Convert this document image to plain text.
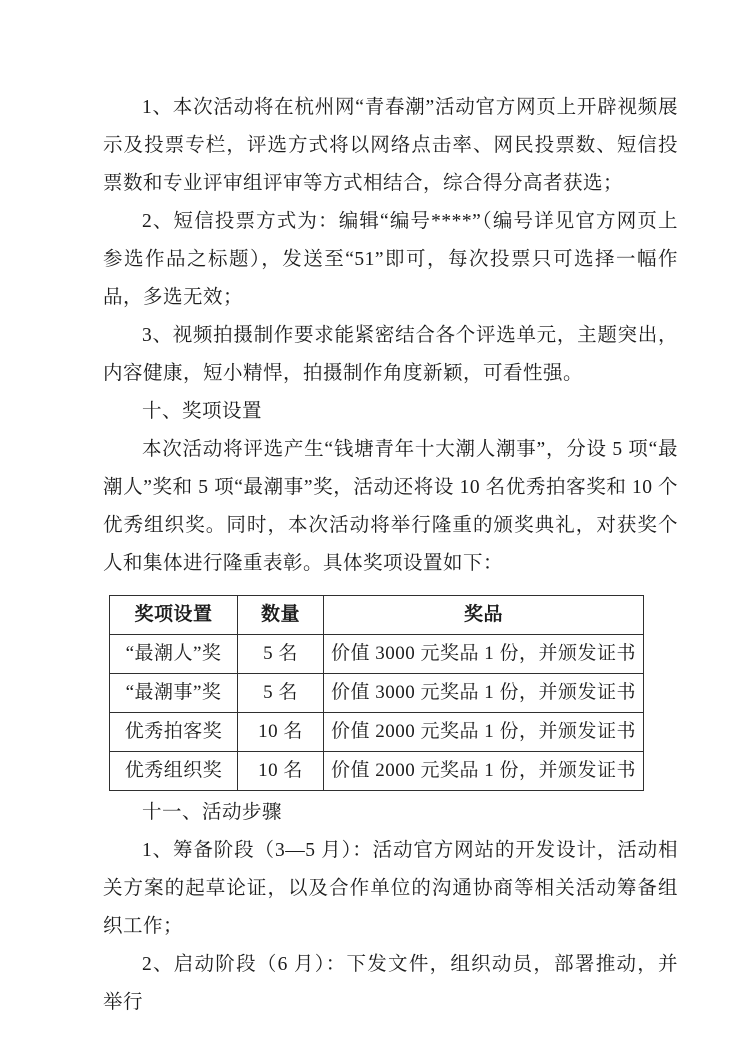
1、本次活动将在杭州网“青春潮”活动官方网页上开辟视频展示及投票专栏，评选方式将以网络点击率、网民投票数、短信投票数和专业评审组评审等方式相结合，综合得分高者获选；

2、短信投票方式为：编辑“编号****”（编号详见官方网页上参选作品之标题），发送至“51”即可，每次投票只可选择一幅作品，多选无效；

3、视频拍摄制作要求能紧密结合各个评选单元，主题突出，内容健康，短小精悍，拍摄制作角度新颖，可看性强。

十、奖项设置

本次活动将评选产生“钱塘青年十大潮人潮事”，分设 5 项“最潮人”奖和 5 项“最潮事”奖，活动还将设 10 名优秀拍客奖和 10 个优秀组织奖。同时，本次活动将举行隆重的颁奖典礼，对获奖个人和集体进行隆重表彰。具体奖项设置如下：

奖项设置	数量	奖品
“最潮人”奖	5 名	价值 3000 元奖品 1 份，并颁发证书
“最潮事”奖	5 名	价值 3000 元奖品 1 份，并颁发证书
优秀拍客奖	10 名	价值 2000 元奖品 1 份，并颁发证书
优秀组织奖	10 名	价值 2000 元奖品 1 份，并颁发证书
十一、活动步骤

1、筹备阶段（3—5 月）：活动官方网站的开发设计，活动相关方案的起草论证，以及合作单位的沟通协商等相关活动筹备组织工作；

2、启动阶段（6 月）：下发文件，组织动员，部署推动，并举行
